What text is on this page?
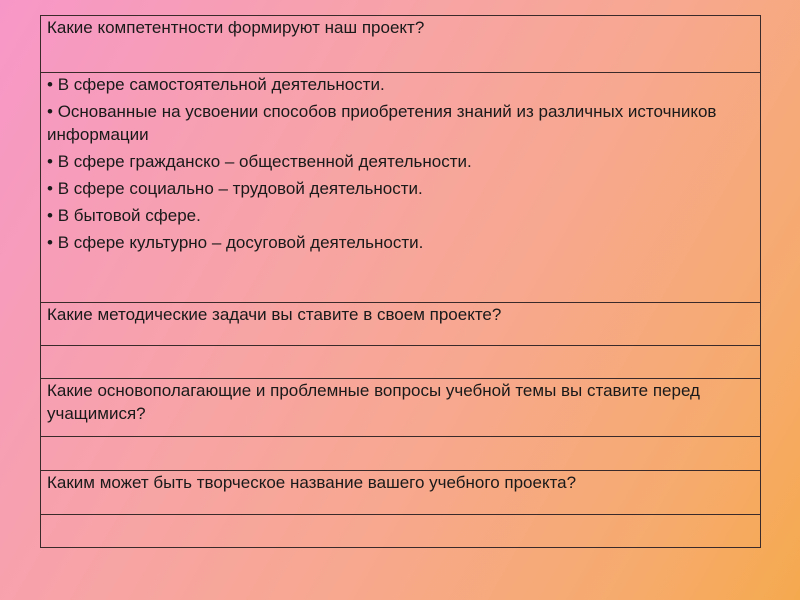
Какие компетентности формируют наш проект?

• В сфере самостоятельной деятельности.
• Основанные на усвоении способов приобретения знаний из различных источников информации
• В сфере гражданско – общественной деятельности.
• В сфере социально – трудовой деятельности.
• В бытовой сфере.
• В сфере культурно – досуговой деятельности.

Какие методические задачи вы ставите в своем проекте?

Какие основополагающие и проблемные вопросы учебной темы вы ставите перед учащимися?

Каким может быть творческое название вашего учебного проекта?
